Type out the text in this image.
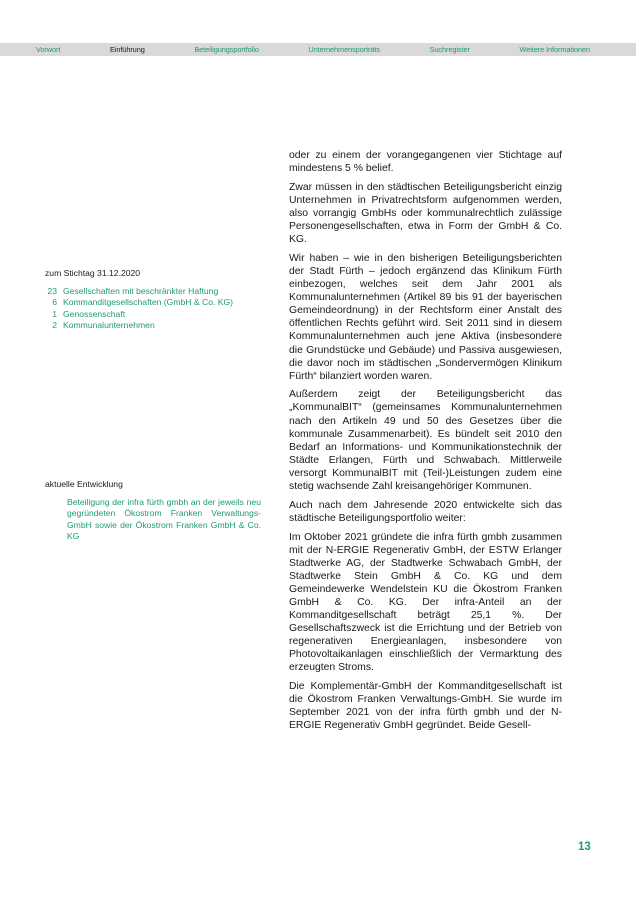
Vorwort	Einführung	Beteiligungsportfolio	Unternehmensporträts	Suchregister	Weitere Informationen
zum Stichtag 31.12.2020
23 Gesellschaften mit beschränkter Haftung
6 Kommanditgesellschaften (GmbH & Co. KG)
1 Genossenschaft
2 Kommunalunternehmen
aktuelle Entwicklung
Beteiligung der infra fürth gmbh an der jeweils neu gegründeten Ökostrom Franken Verwaltungs-GmbH sowie der Ökostrom Franken GmbH & Co. KG

oder zu einem der vorangegangenen vier Stichtage auf mindestens 5 % belief.

Zwar müssen in den städtischen Beteiligungsbericht einzig Unternehmen in Privatrechtsform aufgenommen werden, also vorrangig GmbHs oder kommunalrechtlich zulässige Personengesellschaften, etwa in Form der GmbH & Co. KG.

Wir haben – wie in den bisherigen Beteiligungsberichten der Stadt Fürth – jedoch ergänzend das Klinikum Fürth einbezogen, welches seit dem Jahr 2001 als Kommunalunternehmen (Artikel 89 bis 91 der bayerischen Gemeindeordnung) in der Rechtsform einer Anstalt des öffentlichen Rechts geführt wird. Seit 2011 sind in diesem Kommunalunternehmen auch jene Aktiva (insbesondere die Grundstücke und Gebäude) und Passiva ausgewiesen, die davor noch im städtischen „Sondervermögen Klinikum Fürth“ bilanziert worden waren.

Außerdem zeigt der Beteiligungsbericht das „KommunalBIT“ (gemeinsames Kommunalunternehmen nach den Artikeln 49 und 50 des Gesetzes über die kommunale Zusammenarbeit). Es bündelt seit 2010 den Bedarf an Informations- und Kommunikationstechnik der Städte Erlangen, Fürth und Schwabach. Mittlerweile versorgt KommunalBIT mit (Teil-)Leistungen zudem eine stetig wachsende Zahl kreisangehöriger Kommunen.

Auch nach dem Jahresende 2020 entwickelte sich das städtische Beteiligungsportfolio weiter:

Im Oktober 2021 gründete die infra fürth gmbh zusammen mit der N-ERGIE Regenerativ GmbH, der ESTW Erlanger Stadtwerke AG, der Stadtwerke Schwabach GmbH, der Stadtwerke Stein GmbH & Co. KG und dem Gemeindewerke Wendelstein KU die Ökostrom Franken GmbH & Co. KG. Der infra-Anteil an der Kommanditgesellschaft beträgt 25,1 %. Der Gesellschaftszweck ist die Errichtung und der Betrieb von regenerativen Energieanlagen, insbesondere von Photovoltaikanlagen einschließlich der Vermarktung des erzeugten Stroms.

Die Komplementär-GmbH der Kommanditgesellschaft ist die Ökostrom Franken Verwaltungs-GmbH. Sie wurde im September 2021 von der infra fürth gmbh und der N-ERGIE Regenerativ GmbH gegründet. Beide Gesell-

13
